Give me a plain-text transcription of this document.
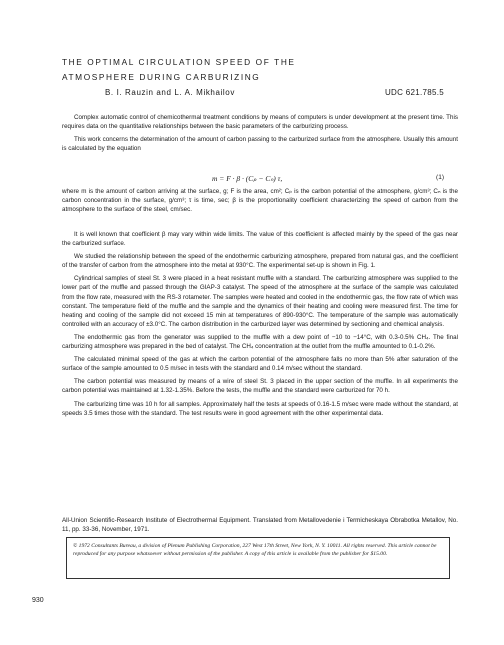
THE OPTIMAL CIRCULATION SPEED OF THE
ATMOSPHERE DURING CARBURIZING
B. I. Rauzin and L. A. Mikhailov	UDC 621.785.5

Complex automatic control of chemicothermal treatment conditions by means of computers is under development at the present time. This requires data on the quantitative relationships between the basic parameters of the carburizing process.

This work concerns the determination of the amount of carbon passing to the carburized surface from the atmosphere. Usually this amount is calculated by the equation

m = F · β · (Cₚ − Cₙ) τ,	(1)

where m is the amount of carbon arriving at the surface, g; F is the area, cm²; Cₚ is the carbon potential of the atmosphere, g/cm³; Cₙ is the carbon concentration in the surface, g/cm³; τ is time, sec; β is the proportionality coefficient characterizing the speed of carbon from the atmosphere to the surface of the steel, cm/sec.

It is well known that coefficient β may vary within wide limits. The value of this coefficient is affected mainly by the speed of the gas near the carburized surface.

We studied the relationship between the speed of the endothermic carburizing atmosphere, prepared from natural gas, and the coefficient of the transfer of carbon from the atmosphere into the metal at 930°C. The experimental set-up is shown in Fig. 1.

Cylindrical samples of steel St. 3 were placed in a heat resistant muffle with a standard. The carburizing atmosphere was supplied to the lower part of the muffle and passed through the GIAP-3 catalyst. The speed of the atmosphere at the surface of the sample was calculated from the flow rate, measured with the RS-3 rotameter. The samples were heated and cooled in the endothermic gas, the flow rate of which was constant. The temperature field of the muffle and the sample and the dynamics of their heating and cooling were measured first. The time for heating and cooling of the sample did not exceed 15 min at temperatures of 890-930°C. The temperature of the sample was automatically controlled with an accuracy of ±3.0°C. The carbon distribution in the carburized layer was determined by sectioning and chemical analysis.

The endothermic gas from the generator was supplied to the muffle with a dew point of −10 to −14°C, with 0.3-0.5% CH₄. The final carburizing atmosphere was prepared in the bed of catalyst. The CH₄ concentration at the outlet from the muffle amounted to 0.1-0.2%.

The calculated minimal speed of the gas at which the carbon potential of the atmosphere falls no more than 5% after saturation of the surface of the sample amounted to 0.5 m/sec in tests with the standard and 0.14 m/sec without the standard.

The carbon potential was measured by means of a wire of steel St. 3 placed in the upper section of the muffle. In all experiments the carbon potential was maintained at 1.32-1.35%. Before the tests, the muffle and the standard were carburized for 70 h.

The carburizing time was 10 h for all samples. Approximately half the tests at speeds of 0.16-1.5 m/sec were made without the standard, at speeds 3.5 times those with the standard. The test results were in good agreement with the other experimental data.

All-Union Scientific-Research Institute of Electrothermal Equipment. Translated from Metallovedenie i Termicheskaya Obrabotka Metallov, No. 11, pp. 33-36, November, 1971.
© 1972 Consultants Bureau, a division of Plenum Publishing Corporation, 227 West 17th Street, New York, N. Y. 10011. All rights reserved. This article cannot be reproduced for any purpose whatsoever without permission of the publisher. A copy of this article is available from the publisher for $15.00.
930
